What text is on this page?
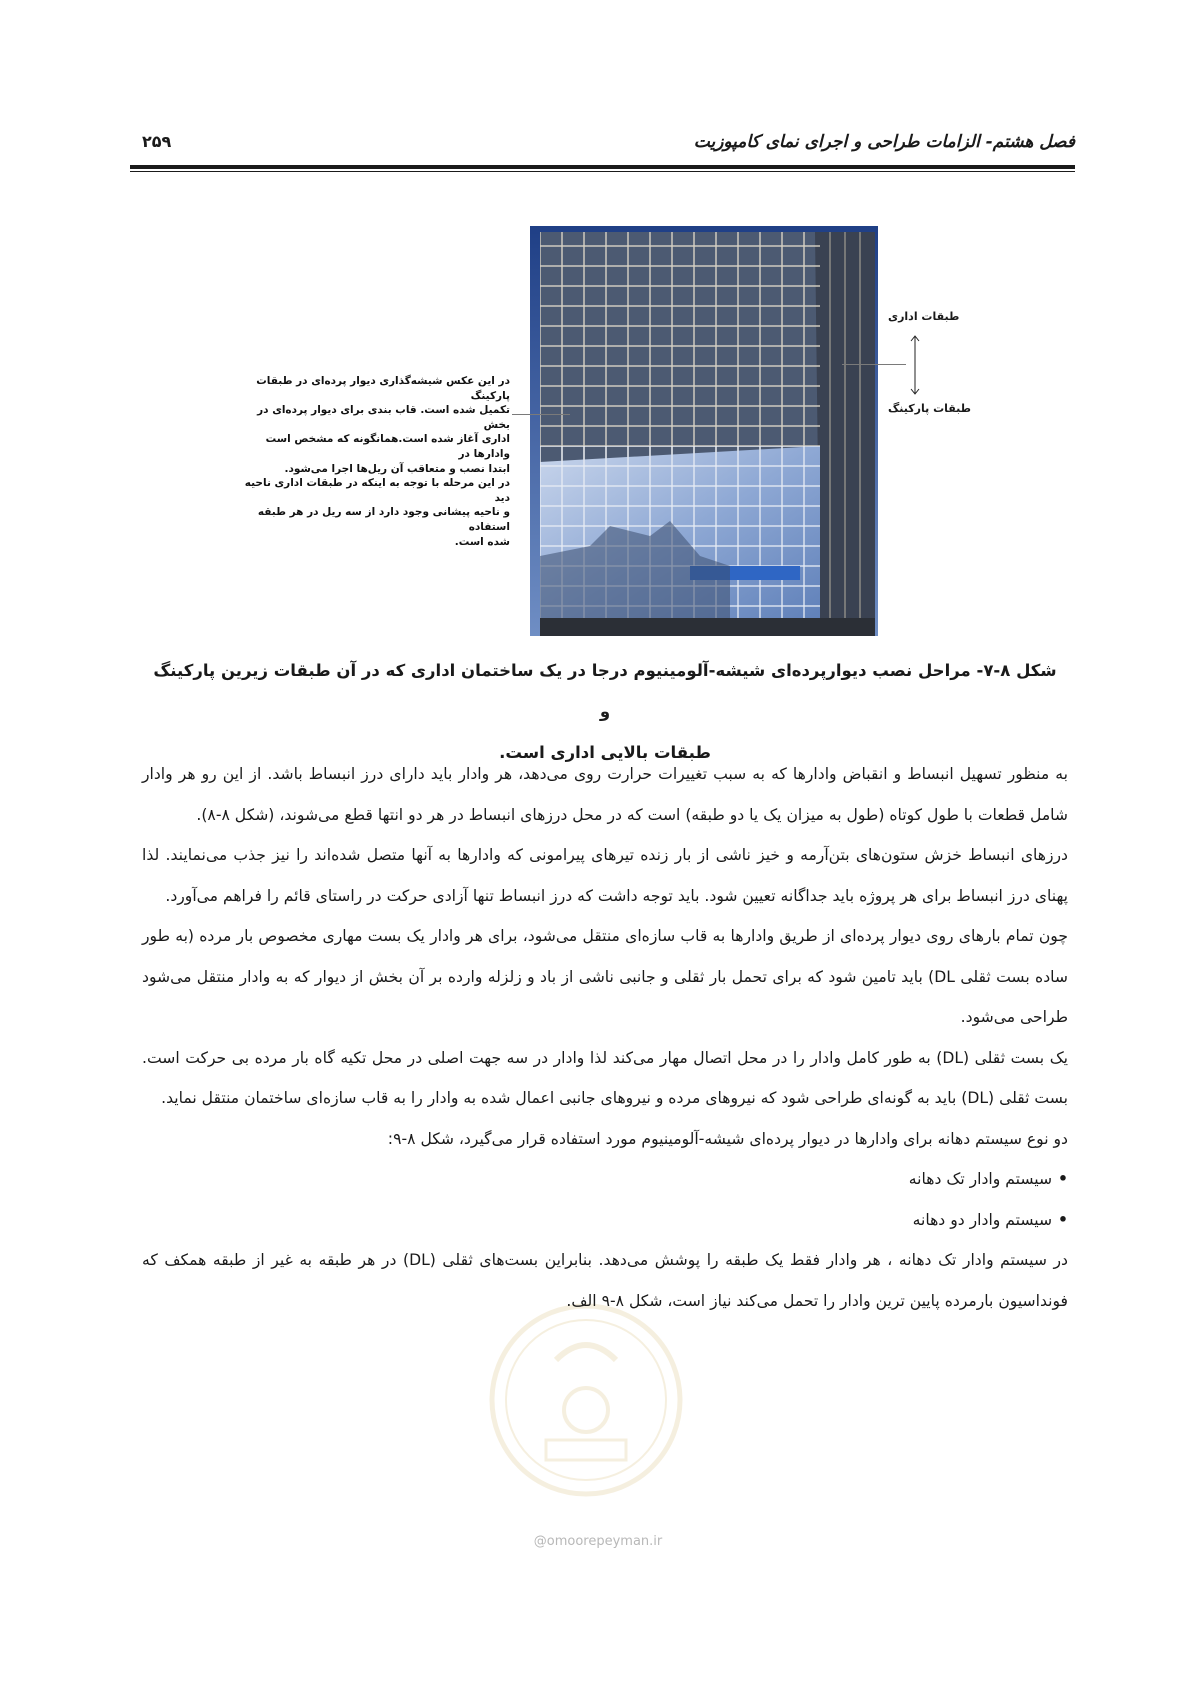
فصل هشتم- الزامات طراحی و اجرای نمای کامپوزیت
۲۵۹
در این عکس شیشه‌گذاری دیوار پرده‌ای در طبقات پارکینگ
تکمیل شده است. قاب بندی برای دیوار پرده‌ای در بخش
اداری آغاز شده است.همانگونه که مشخص است وادارها در
ابتدا نصب و متعاقب آن ریل‌ها اجرا می‌شود.
در این مرحله با توجه به اینکه در طبقات اداری ناحیه دید
و ناحیه پیشانی وجود دارد از سه ریل در هر طبقه استفاده
شده است.
طبقات اداری
طبقات پارکینگ
شکل ۸-۷- مراحل نصب دیوارپرده‌ای شیشه-آلومینیوم درجا در یک ساختمان اداری که در آن طبقات زیرین پارکینگ و
طبقات بالایی اداری است.

به منظور تسهیل انبساط و انقباض وادارها که به سبب تغییرات حرارت روی می‌دهد، هر وادار باید دارای درز انبساط باشد. از این رو هر وادار شامل قطعات با طول کوتاه (طول به میزان یک یا دو طبقه) است که در محل درزهای انبساط در هر دو انتها قطع می‌شوند، (شکل ۸-۸).

درزهای انبساط خزش ستون‌های بتن‌آرمه و خیز ناشی از بار زنده تیرهای پیرامونی که وادارها به آنها متصل شده‌اند را نیز جذب می‌نمایند. لذا پهنای درز انبساط برای هر پروژه باید جداگانه تعیین شود. باید توجه داشت که درز انبساط تنها آزادی حرکت در راستای قائم را فراهم می‌آورد.

چون تمام بارهای روی دیوار پرده‌ای از طریق وادارها به قاب سازه‌ای منتقل می‌شود، برای هر وادار یک بست مهاری مخصوص بار مرده (به طور ساده بست ثقلی DL) باید تامین شود که برای تحمل بار ثقلی و جانبی ناشی از باد و زلزله وارده بر آن بخش از دیوار که به وادار منتقل می‌شود طراحی می‌شود.

یک بست ثقلی (DL) به طور کامل وادار را در محل اتصال مهار می‌کند لذا وادار در سه جهت اصلی در محل تکیه گاه بار مرده بی حرکت است. بست ثقلی (DL) باید به گونه‌ای طراحی شود که نیروهای مرده و نیروهای جانبی اعمال شده به وادار را به قاب سازه‌ای ساختمان منتقل نماید.

دو نوع سیستم دهانه برای وادارها در دیوار پرده‌ای شیشه-آلومینیوم مورد استفاده قرار می‌گیرد، شکل ۸-۹:

•سیستم وادار تک دهانه
•سیستم وادار دو دهانه

در سیستم وادار تک دهانه ، هر وادار فقط یک طبقه را پوشش می‌دهد. بنابراین بست‌های ثقلی (DL) در هر طبقه به غیر از طبقه همکف که فونداسیون بارمرده پایین ترین وادار را تحمل می‌کند نیاز است، شکل ۸-۹ الف.

@omoorepeyman.ir
